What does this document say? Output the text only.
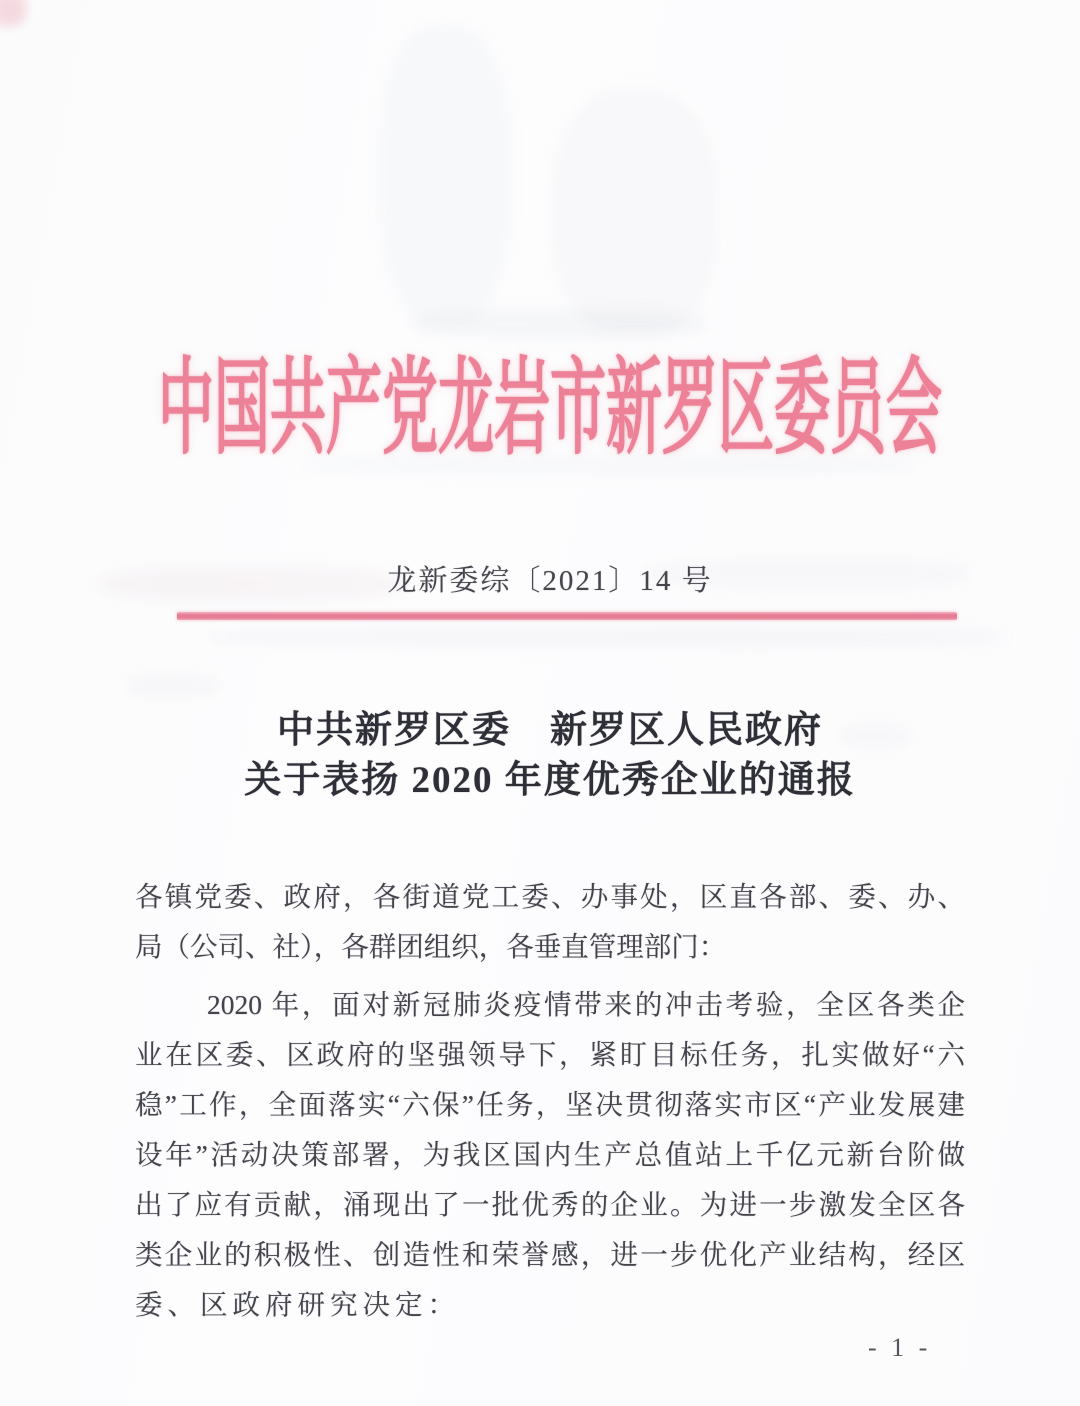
中国共产党龙岩市新罗区委员会
龙新委综〔2021〕14 号
中共新罗区委　新罗区人民政府
关于表扬 2020 年度优秀企业的通报
各镇党委、政府，各街道党工委、办事处，区直各部、委、办、
局（公司、社），各群团组织，各垂直管理部门：
2020 年，面对新冠肺炎疫情带来的冲击考验，全区各类企
业在区委、区政府的坚强领导下，紧盯目标任务，扎实做好“六
稳”工作，全面落实“六保”任务，坚决贯彻落实市区“产业发展建
设年”活动决策部署，为我区国内生产总值站上千亿元新台阶做
出了应有贡献，涌现出了一批优秀的企业。为进一步激发全区各
类企业的积极性、创造性和荣誉感，进一步优化产业结构，经区
委、区政府研究决定：
- 1 -
